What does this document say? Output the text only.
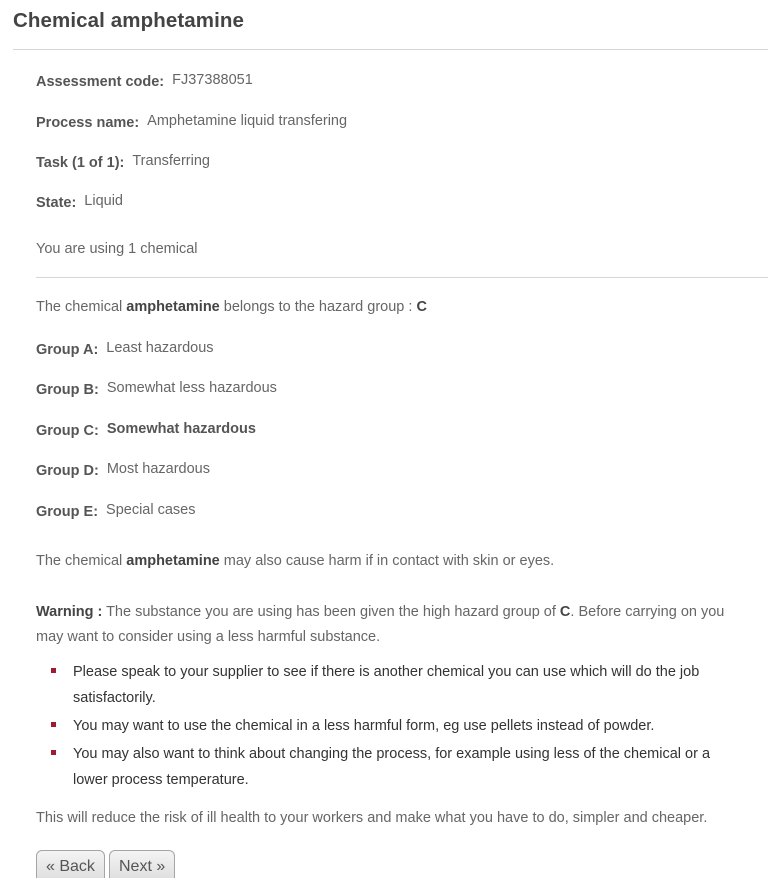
Chemical amphetamine
Assessment code: FJ37388051
Process name: Amphetamine liquid transfering
Task (1 of 1): Transferring
State: Liquid
You are using 1 chemical
The chemical amphetamine belongs to the hazard group : C
Group A: Least hazardous
Group B: Somewhat less hazardous
Group C: Somewhat hazardous
Group D: Most hazardous
Group E: Special cases
The chemical amphetamine may also cause harm if in contact with skin or eyes.
Warning : The substance you are using has been given the high hazard group of C. Before carrying on you may want to consider using a less harmful substance.
Please speak to your supplier to see if there is another chemical you can use which will do the job satisfactorily.
You may want to use the chemical in a less harmful form, eg use pellets instead of powder.
You may also want to think about changing the process, for example using less of the chemical or a lower process temperature.
This will reduce the risk of ill health to your workers and make what you have to do, simpler and cheaper.
« Back	Next »
